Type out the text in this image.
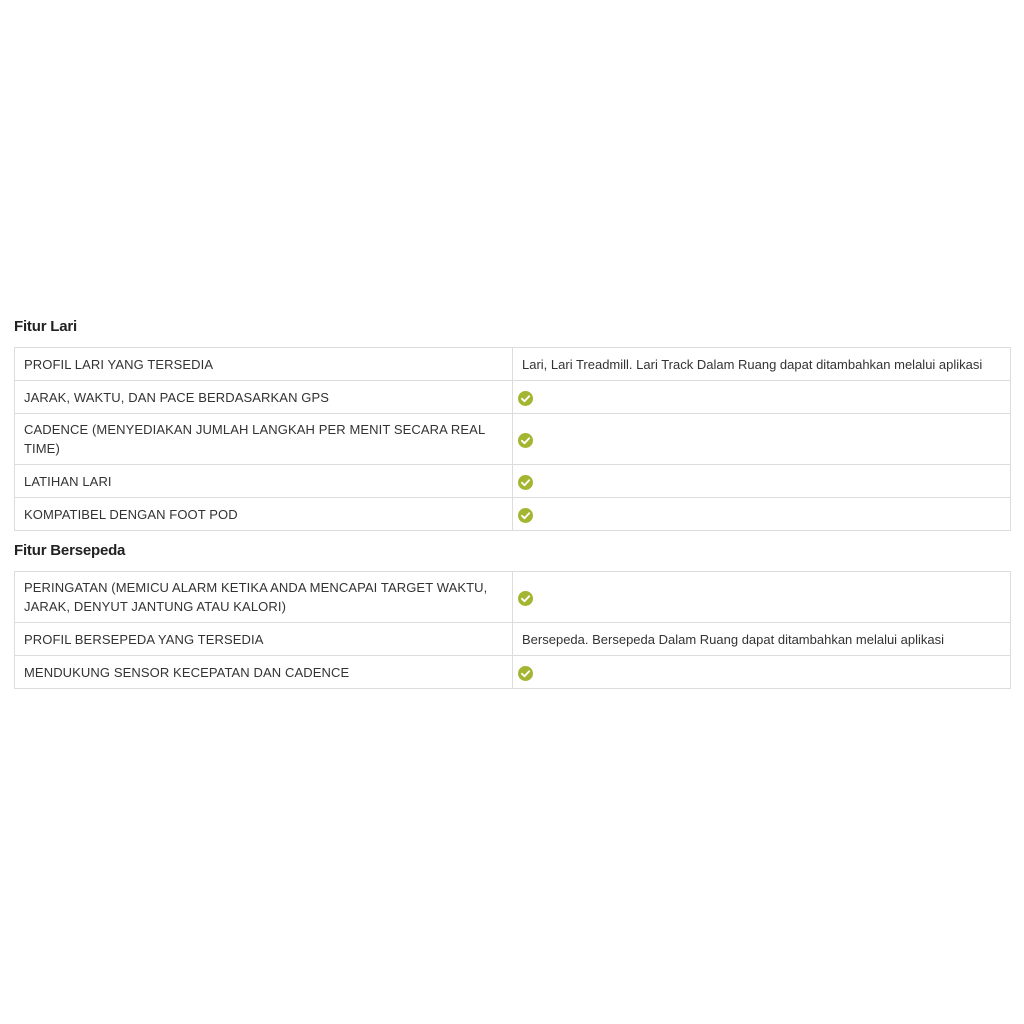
Fitur Lari
PROFIL LARI YANG TERSEDIA	Lari, Lari Treadmill. Lari Track Dalam Ruang dapat ditambahkan melalui aplikasi
JARAK, WAKTU, DAN PACE BERDASARKAN GPS	
CADENCE (MENYEDIAKAN JUMLAH LANGKAH PER MENIT SECARA REAL TIME)	
LATIHAN LARI	
KOMPATIBEL DENGAN FOOT POD	
Fitur Bersepeda
PERINGATAN (MEMICU ALARM KETIKA ANDA MENCAPAI TARGET WAKTU, JARAK, DENYUT JANTUNG ATAU KALORI)	
PROFIL BERSEPEDA YANG TERSEDIA	Bersepeda. Bersepeda Dalam Ruang dapat ditambahkan melalui aplikasi
MENDUKUNG SENSOR KECEPATAN DAN CADENCE	
